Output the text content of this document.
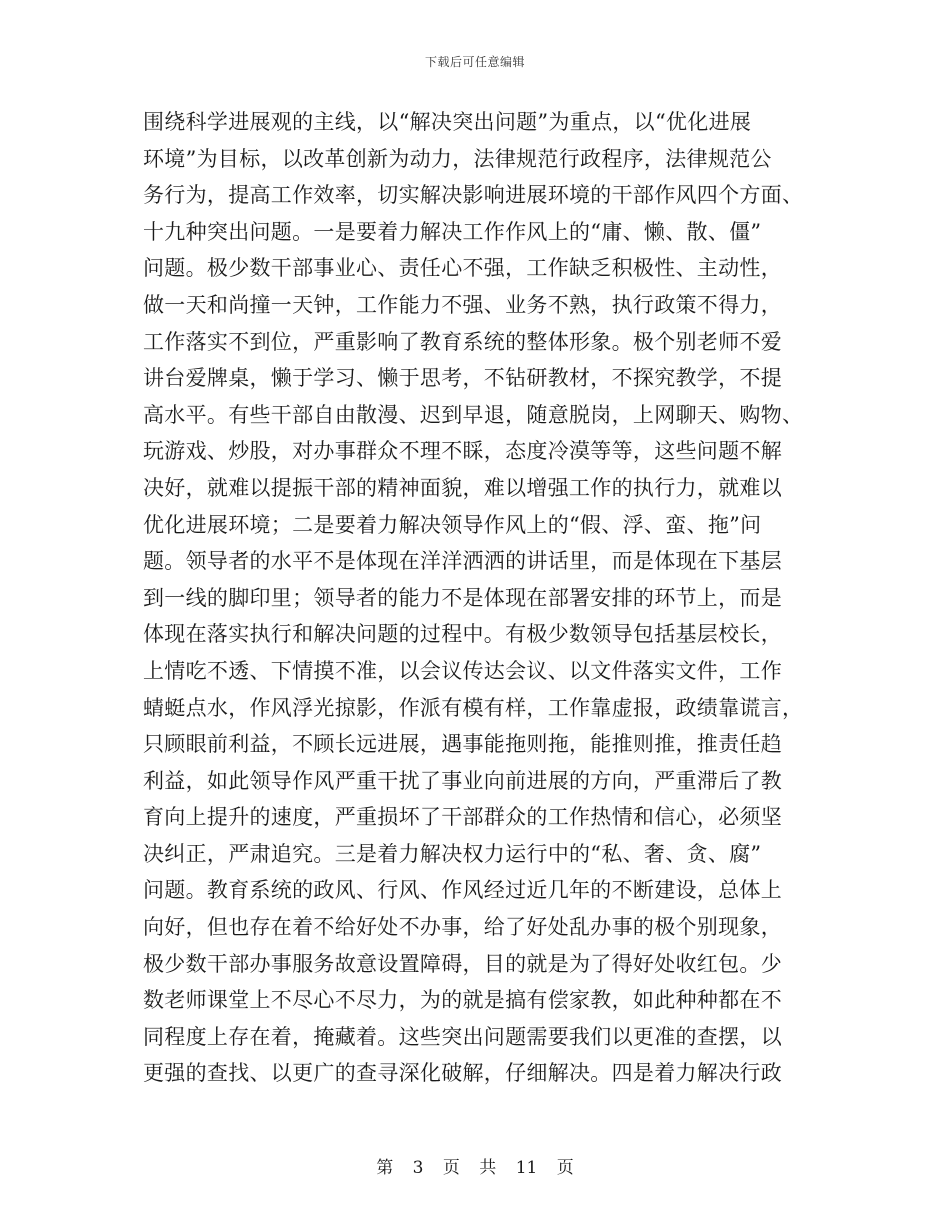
下载后可任意编辑
围绕科学进展观的主线，以“解决突出问题”为重点，以“优化进展
环境”为目标，以改革创新为动力，法律规范行政程序，法律规范公
务行为，提高工作效率，切实解决影响进展环境的干部作风四个方面、
十九种突出问题。一是要着力解决工作作风上的“庸、懒、散、僵”
问题。极少数干部事业心、责任心不强，工作缺乏积极性、主动性，
做一天和尚撞一天钟，工作能力不强、业务不熟，执行政策不得力，
工作落实不到位，严重影响了教育系统的整体形象。极个别老师不爱
讲台爱牌桌，懒于学习、懒于思考，不钻研教材，不探究教学，不提
高水平。有些干部自由散漫、迟到早退，随意脱岗，上网聊天、购物、
玩游戏、炒股，对办事群众不理不睬，态度冷漠等等，这些问题不解
决好，就难以提振干部的精神面貌，难以增强工作的执行力，就难以
优化进展环境；二是要着力解决领导作风上的“假、浮、蛮、拖”问
题。领导者的水平不是体现在洋洋洒洒的讲话里，而是体现在下基层
到一线的脚印里；领导者的能力不是体现在部署安排的环节上，而是
体现在落实执行和解决问题的过程中。有极少数领导包括基层校长，
上情吃不透、下情摸不准，以会议传达会议、以文件落实文件，工作
蜻蜓点水，作风浮光掠影，作派有模有样，工作靠虚报，政绩靠谎言，
只顾眼前利益，不顾长远进展，遇事能拖则拖，能推则推，推责任趋
利益，如此领导作风严重干扰了事业向前进展的方向，严重滞后了教
育向上提升的速度，严重损坏了干部群众的工作热情和信心，必须坚
决纠正，严肃追究。三是着力解决权力运行中的“私、奢、贪、腐”
问题。教育系统的政风、行风、作风经过近几年的不断建设，总体上
向好，但也存在着不给好处不办事，给了好处乱办事的极个别现象，
极少数干部办事服务故意设置障碍，目的就是为了得好处收红包。少
数老师课堂上不尽心不尽力，为的就是搞有偿家教，如此种种都在不
同程度上存在着，掩藏着。这些突出问题需要我们以更准的查摆，以
更强的查找、以更广的查寻深化破解，仔细解决。四是着力解决行政
第 3 页 共 11 页
